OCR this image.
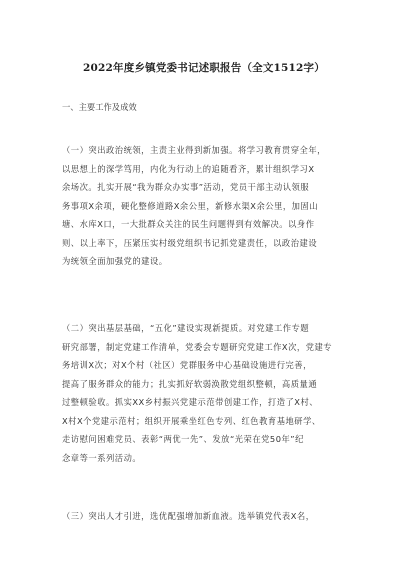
2022年度乡镇党委书记述职报告（全文1512字）
一、主要工作及成效
（一）突出政治统领，主责主业得到新加强。将学习教育贯穿全年，
以思想上的深学笃用，内化为行动上的追随看齐，累计组织学习X
余场次。扎实开展“我为群众办实事”活动，党员干部主动认领服
务事项X余项，硬化整修道路X余公里，新修水渠X余公里，加固山
塘、水库X口，一大批群众关注的民生问题得到有效解决。以身作
则、以上率下，压紧压实村级党组织书记抓党建责任，以政治建设
为统领全面加强党的建设。
（二）突出基层基础，“五化”建设实现新提质。对党建工作专题
研究部署，制定党建工作清单，党委会专题研究党建工作X次，党建专
务培训X次；对X个村（社区）党群服务中心基础设施进行完善，
提高了服务群众的能力；扎实抓好软弱涣散党组织整顿，高质量通
过整顿验收。抓实XX乡村振兴党建示范带创建工作，打造了X村、
X村X个党建示范村；组织开展乘坐红色专列、红色教育基地研学、
走访慰问困难党员、表彰“两优一先”、发放“光荣在党50年”纪
念章等一系列活动。
（三）突出人才引进，选优配强增加新血液。选举镇党代表X名，
